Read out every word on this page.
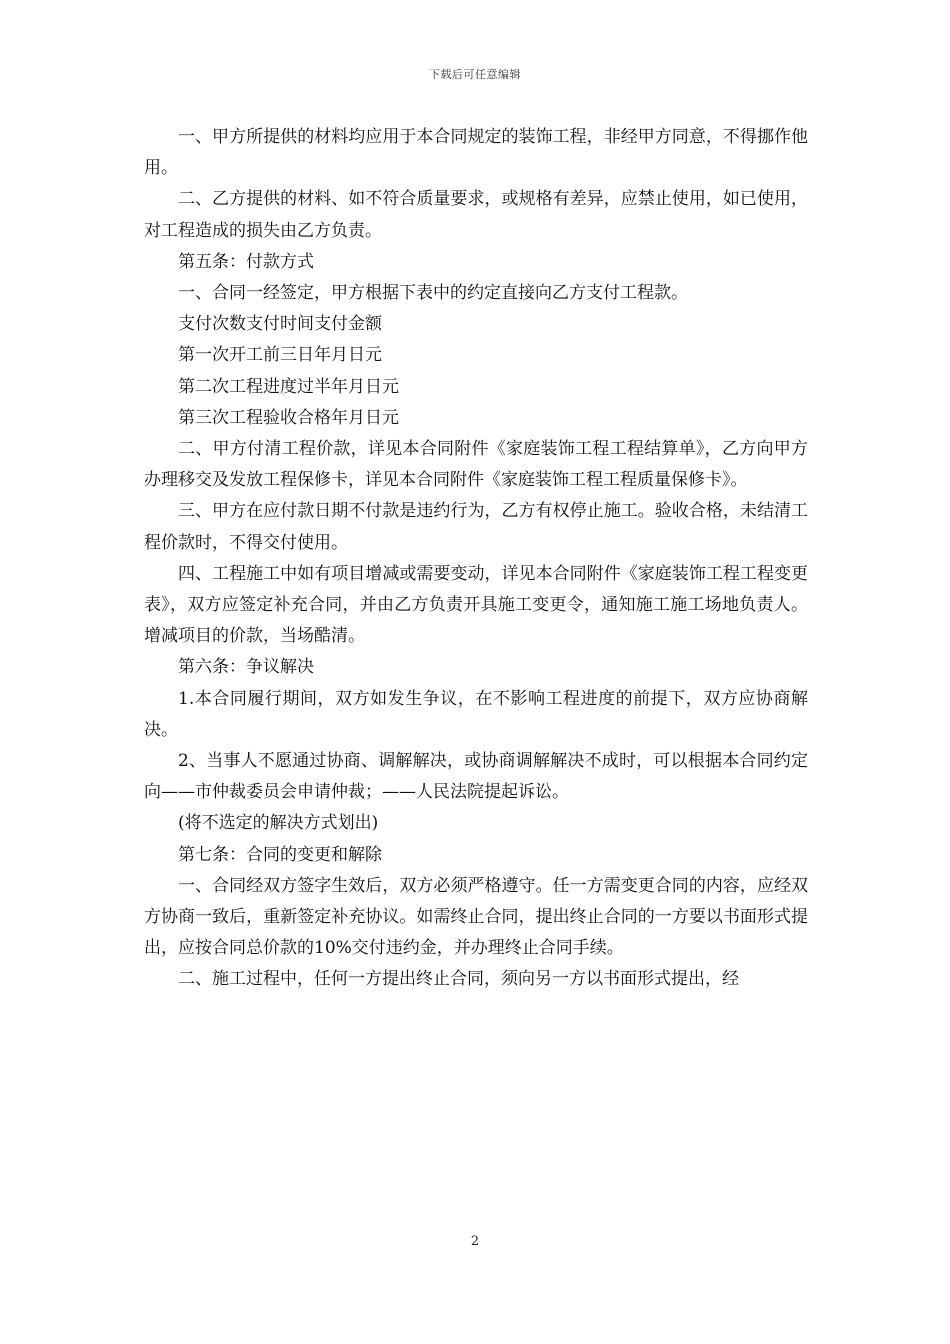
下载后可任意编辑

一、甲方所提供的材料均应用于本合同规定的装饰工程，非经甲方同意，不得挪作他用。

二、乙方提供的材料、如不符合质量要求，或规格有差异，应禁止使用，如已使用，对工程造成的损失由乙方负责。

第五条：付款方式

一、合同一经签定，甲方根据下表中的约定直接向乙方支付工程款。

支付次数支付时间支付金额

第一次开工前三日年月日元

第二次工程进度过半年月日元

第三次工程验收合格年月日元

二、甲方付清工程价款，详见本合同附件《家庭装饰工程工程结算单》，乙方向甲方办理移交及发放工程保修卡，详见本合同附件《家庭装饰工程工程质量保修卡》。

三、甲方在应付款日期不付款是违约行为，乙方有权停止施工。验收合格，未结清工程价款时，不得交付使用。

四、工程施工中如有项目增减或需要变动，详见本合同附件《家庭装饰工程工程变更表》，双方应签定补充合同，并由乙方负责开具施工变更令，通知施工施工场地负责人。增减项目的价款，当场酷清。

第六条：争议解决

1.本合同履行期间，双方如发生争议，在不影响工程进度的前提下，双方应协商解决。

2、当事人不愿通过协商、调解解决，或协商调解解决不成时，可以根据本合同约定向——市仲裁委员会申请仲裁；——人民法院提起诉讼。

(将不选定的解决方式划出)

第七条：合同的变更和解除

一、合同经双方签字生效后，双方必须严格遵守。任一方需变更合同的内容，应经双方协商一致后，重新签定补充协议。如需终止合同，提出终止合同的一方要以书面形式提出，应按合同总价款的10%交付违约金，并办理终止合同手续。

二、施工过程中，任何一方提出终止合同，须向另一方以书面形式提出，经

2
